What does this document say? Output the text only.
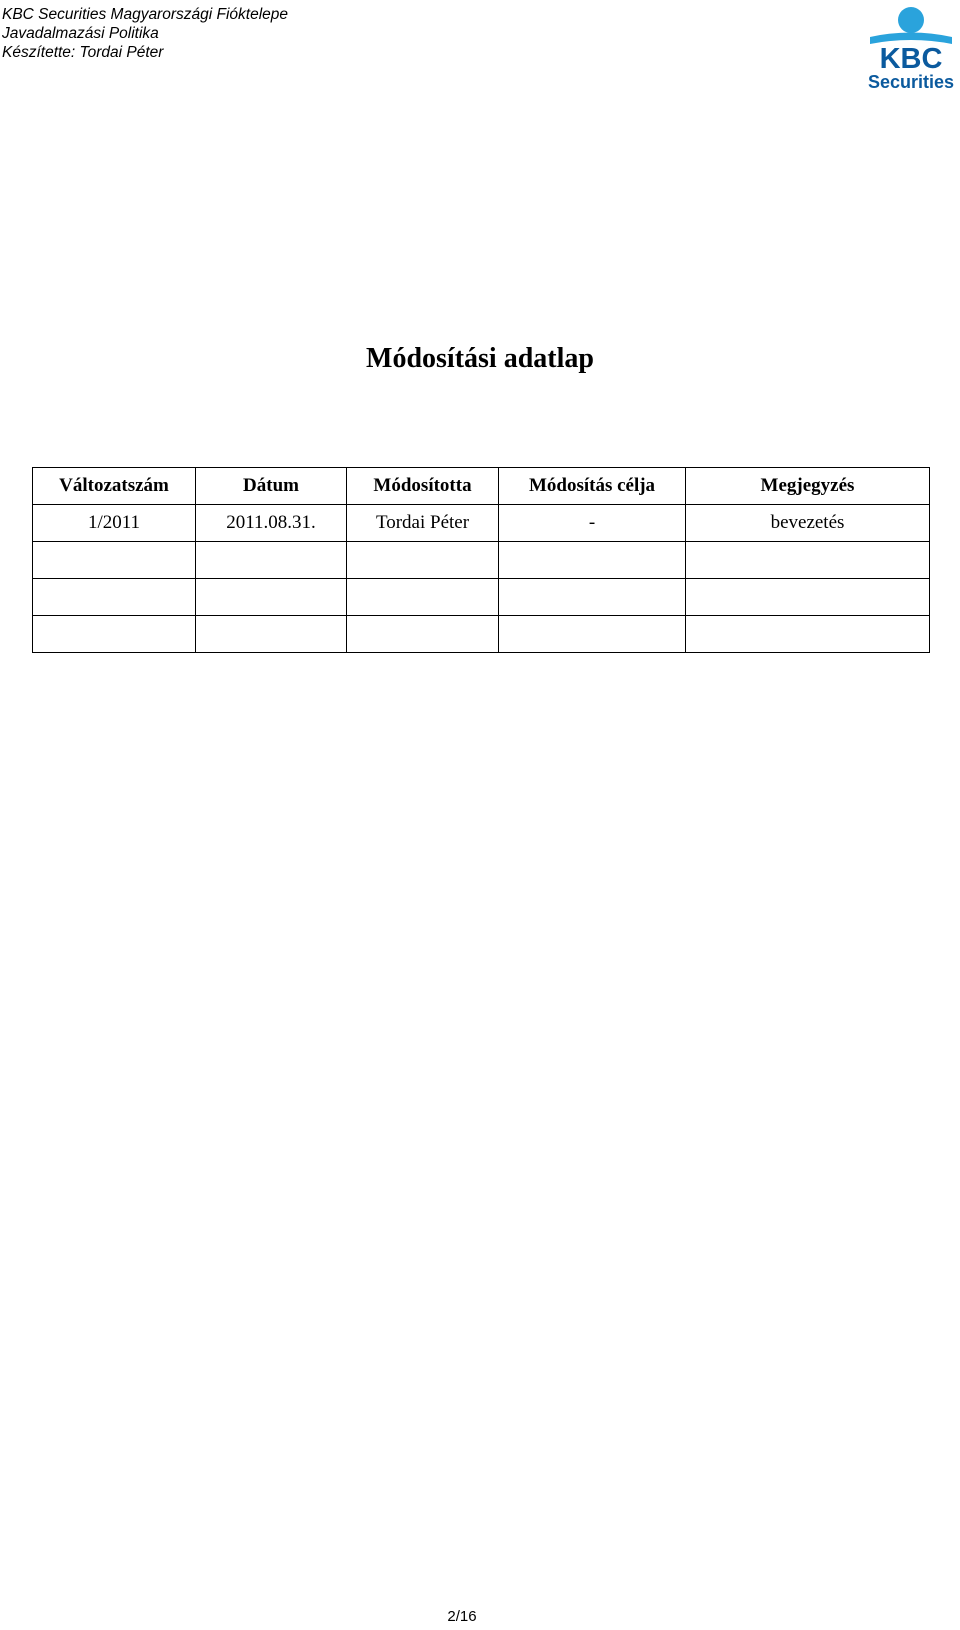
KBC Securities Magyarországi Fióktelepe
Javadalmazási Politika
Készítette: Tordai Péter	KBC
Securities
Módosítási adatlap
Változatszám	Dátum	Módosította	Módosítás célja	Megjegyzés
1/2011	2011.08.31.	Tordai Péter	-	bevezetés

2/16
